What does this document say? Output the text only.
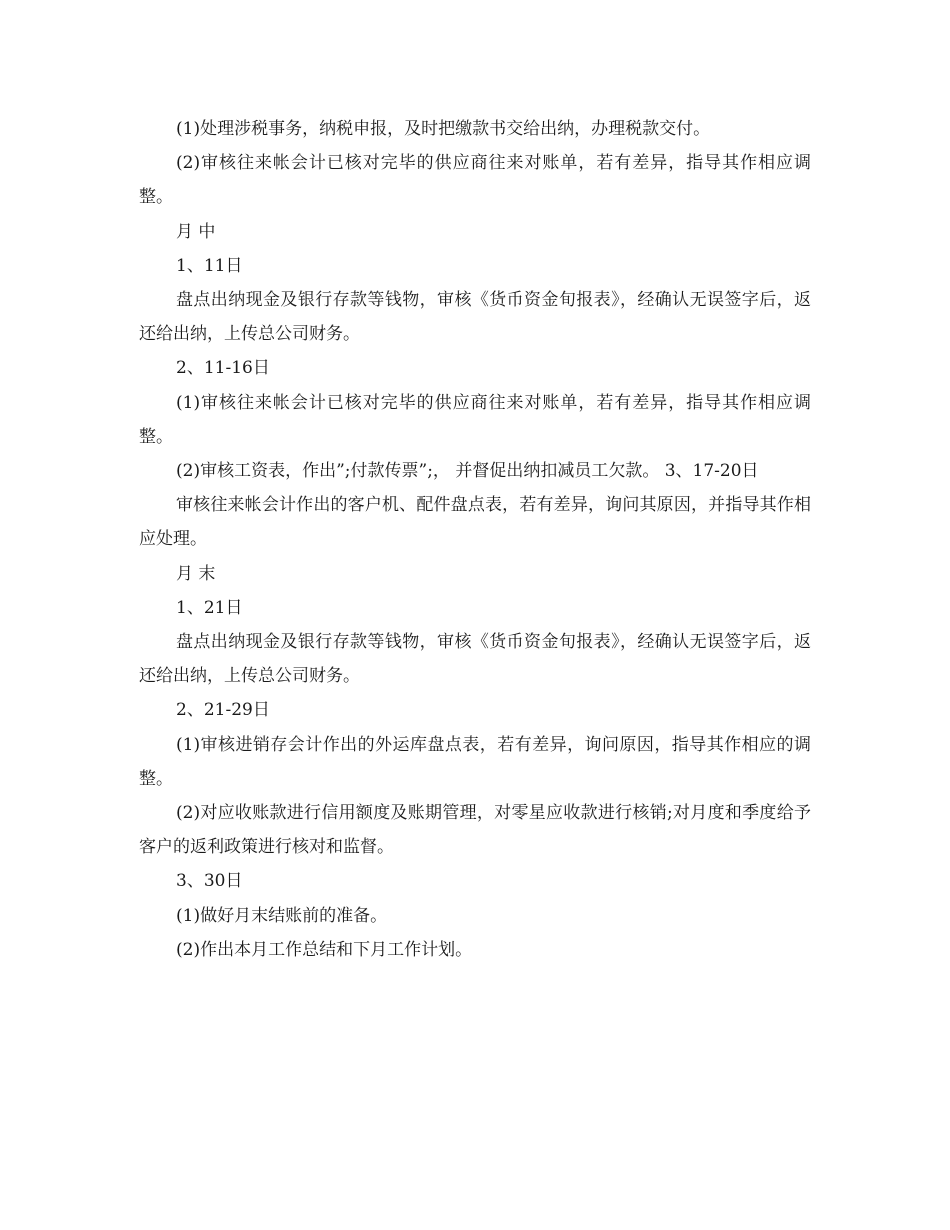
(1)处理涉税事务，纳税申报，及时把缴款书交给出纳，办理税款交付。

(2)审核往来帐会计已核对完毕的供应商往来对账单，若有差异，指导其作相应调整。

月 中

1、11日

盘点出纳现金及银行存款等钱物，审核《货币资金旬报表》，经确认无误签字后，返还给出纳，上传总公司财务。

2、11-16日

(1)审核往来帐会计已核对完毕的供应商往来对账单，若有差异，指导其作相应调整。

(2)审核工资表，作出”;付款传票”;， 并督促出纳扣减员工欠款。 3、17-20日

审核往来帐会计作出的客户机、配件盘点表，若有差异，询问其原因，并指导其作相应处理。

月 末

1、21日

盘点出纳现金及银行存款等钱物，审核《货币资金旬报表》，经确认无误签字后，返还给出纳，上传总公司财务。

2、21-29日

(1)审核进销存会计作出的外运库盘点表，若有差异，询问原因，指导其作相应的调整。

(2)对应收账款进行信用额度及账期管理，对零星应收款进行核销;对月度和季度给予客户的返利政策进行核对和监督。

3、30日

(1)做好月末结账前的准备。

(2)作出本月工作总结和下月工作计划。
